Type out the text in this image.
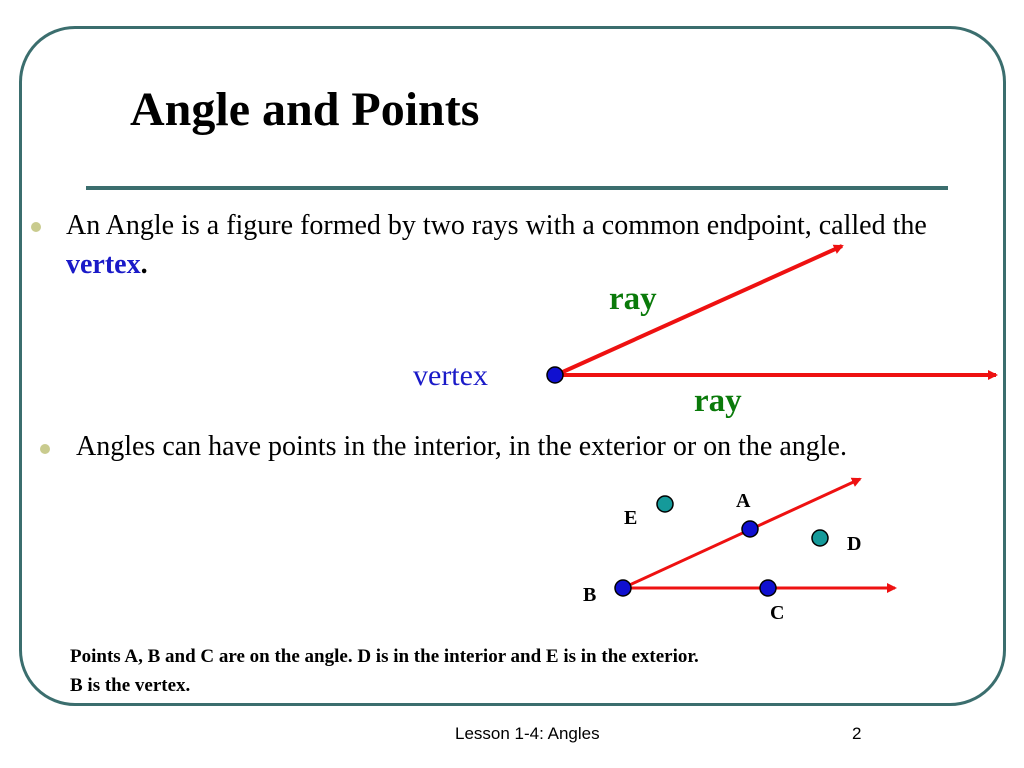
Angle and Points
An Angle is a figure formed by two rays with a common endpoint, called the vertex.
Angles can have points in the interior, in the exterior or on the angle.
ray
ray
vertex
A
B
C
D
E
Points A, B and C are on the angle. D is in the interior and E is in the exterior.
B is the vertex.
Lesson 1-4: Angles	2
